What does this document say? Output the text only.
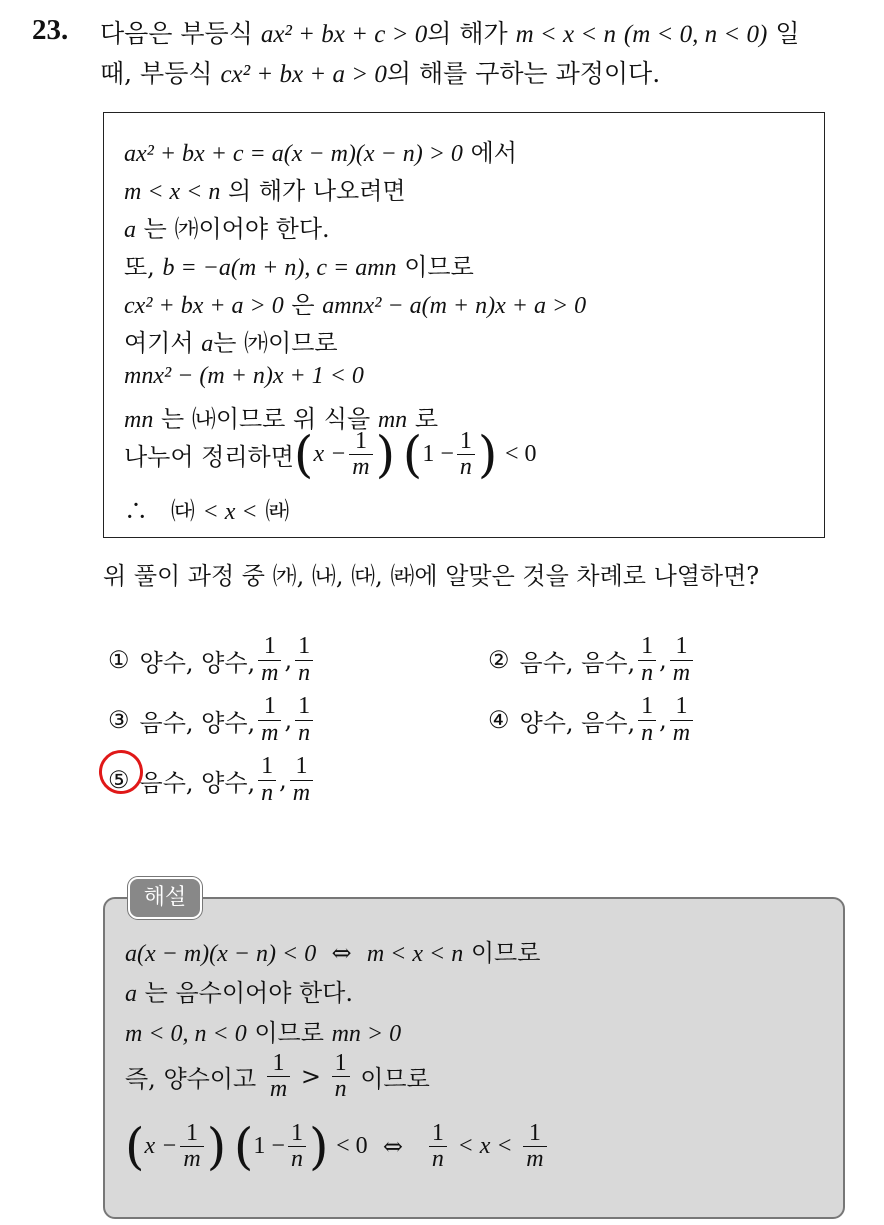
23. 다음은 부등식 ax² + bx + c > 0의 해가 m < x < n (m < 0, n < 0) 일
때, 부등식 cx² + bx + a > 0의 해를 구하는 과정이다.
ax² + bx + c = a(x − m)(x − n) > 0 에서
m < x < n 의 해가 나오려면
a 는 ㈎이어야 한다.
또, b = −a(m + n), c = amn 이므로
cx² + bx + a > 0 은 amnx² − a(m + n)x + a > 0
여기서 a는 ㈎이므로
mnx² − (m + n)x + 1 < 0
mn 는 ㈏이므로 위 식을 mn 로
나누어 정리하면($x - \frac{1}{m}$ ) ($1 - \frac{1}{n}$ ) < 0
∴ ㈐ < x < ㈑
위 풀이 과정 중 ㈎, ㈏, ㈐, ㈑에 알맞은 것을 차례로 나열하면?
① 양수, 양수, $\frac{1}{m}$ , $\frac{1}{n}$	② 음수, 음수, $\frac{1}{n}$ , $\frac{1}{m}$
③ 음수, 양수, $\frac{1}{m}$ , $\frac{1}{n}$	④ 양수, 음수, $\frac{1}{n}$ , $\frac{1}{m}$
⑤ 음수, 양수, $\frac{1}{n}$ , $\frac{1}{m}$
a(x − m)(x − n) < 0 ⇔ m < x < n 이므로
a 는 음수이어야 한다.
m < 0, n < 0 이므로 mn > 0
즉, 양수이고 $\frac{1}{m} > \frac{1}{n}$ 이므로
($x - \frac{1}{m}$ ) ($1 - \frac{1}{n}$ ) < 0 ⇔ $\frac{1}{n} < x < \frac{1}{m}$
해설
